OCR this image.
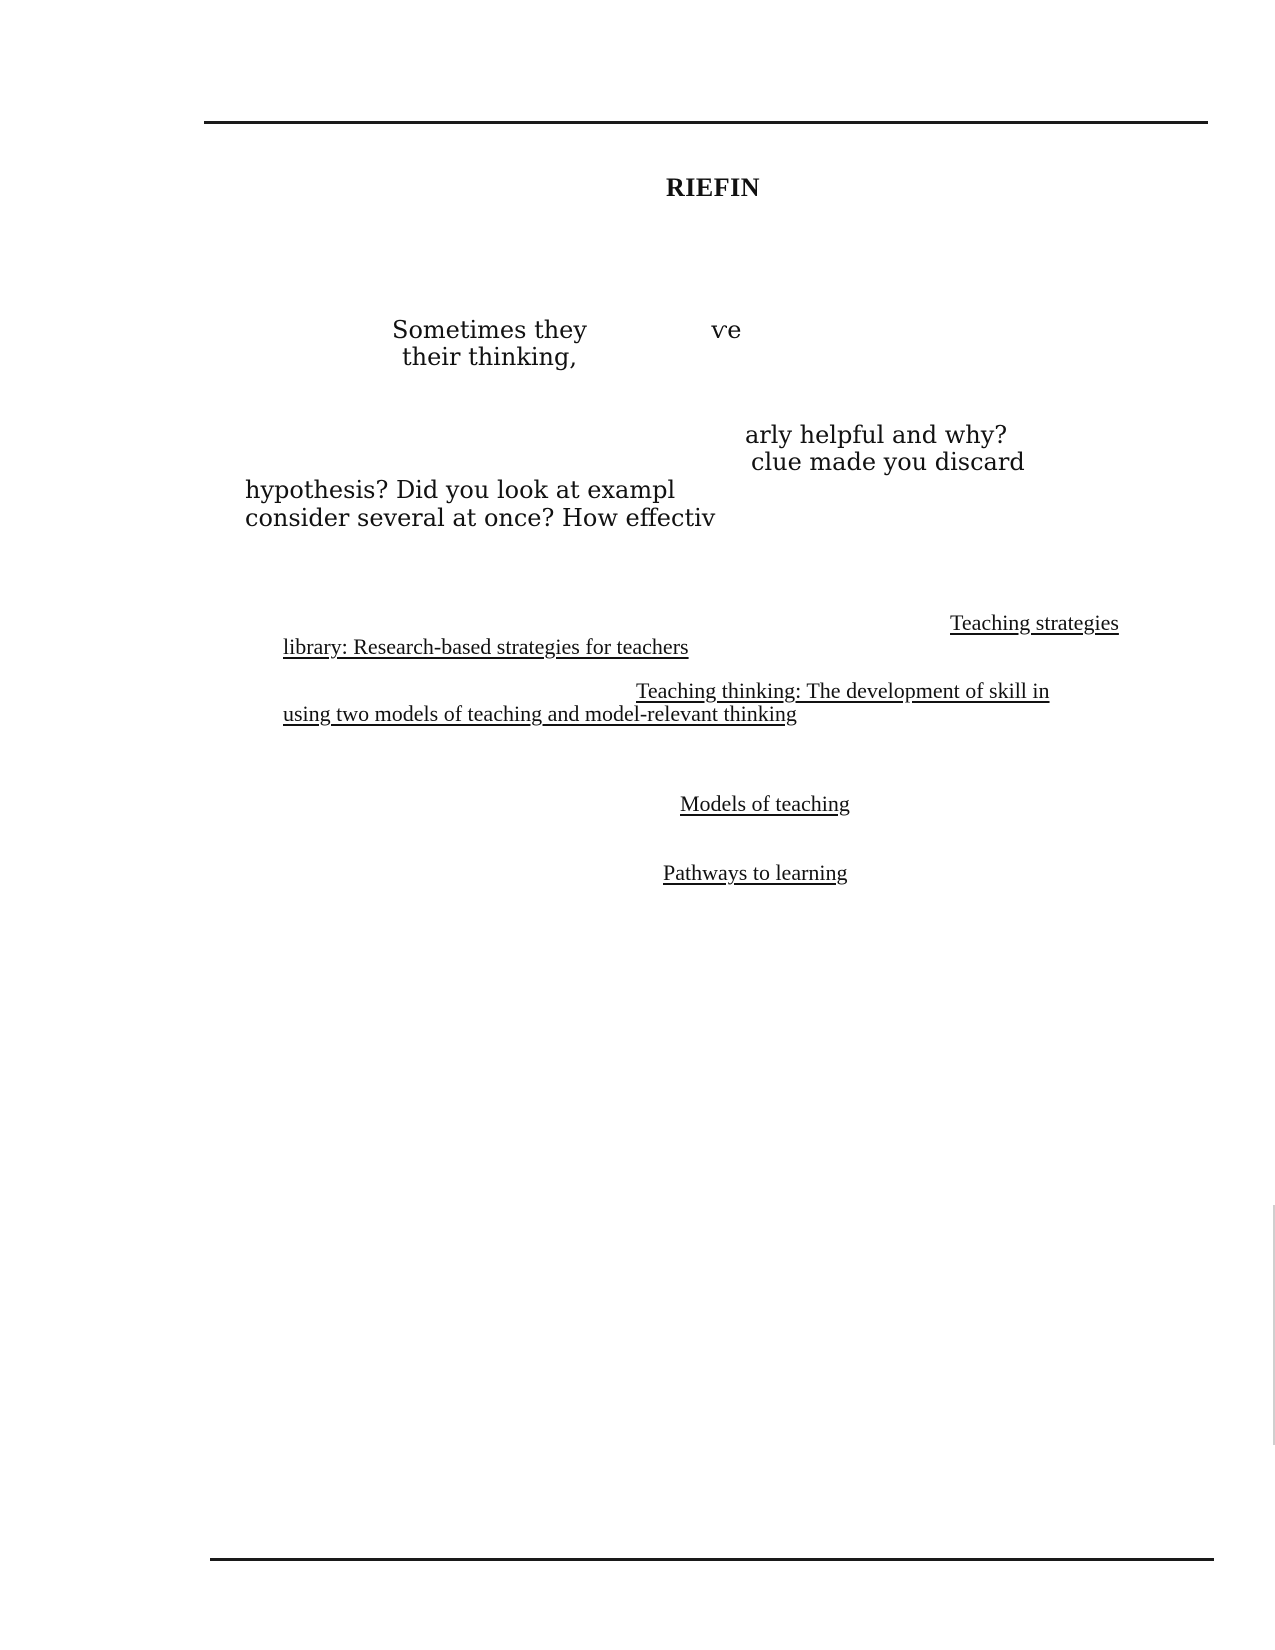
RIEFIN
Sometimes they	ѵe
their thinking,
arly helpful and why?
clue made you discard
hypothesis? Did you look at exampl
consider several at once? How effectiv
Teaching strategies
library: Research-based strategies for teachers
Teaching thinking: The development of skill in
using two models of teaching and model-relevant thinking
Models of teaching
Pathways to learning
